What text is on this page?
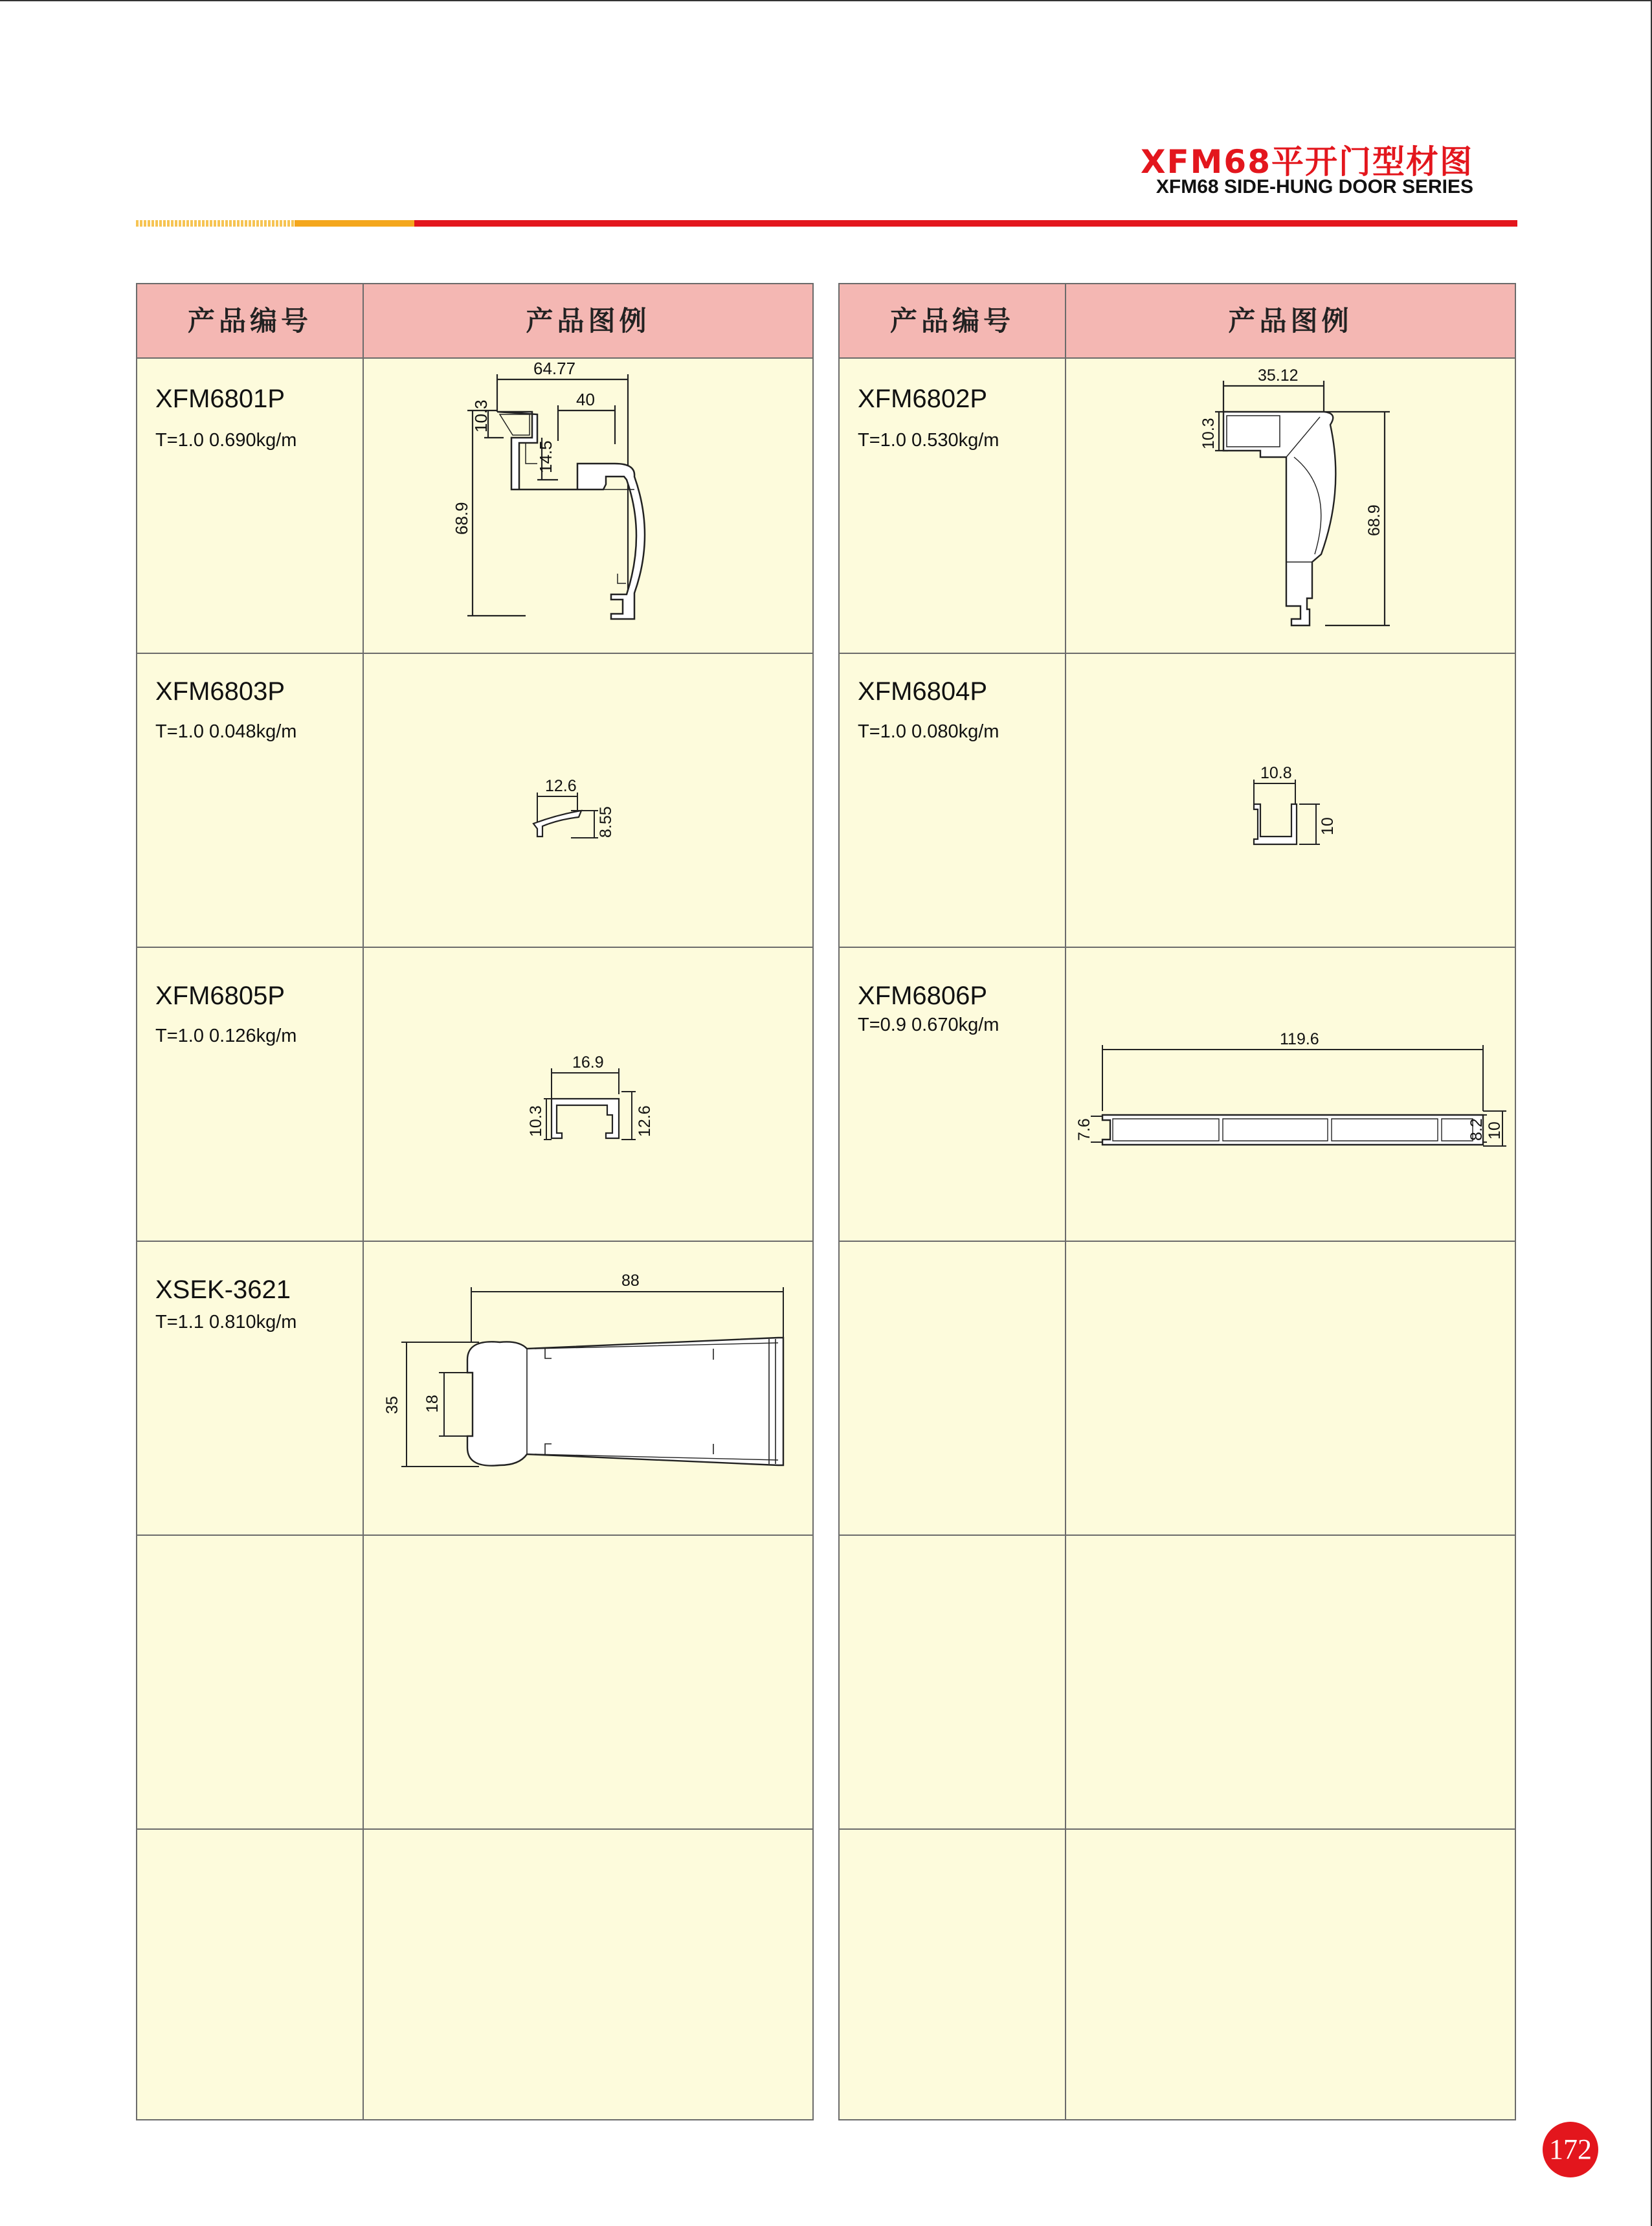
XFM68平开门型材图
XFM68 SIDE-HUNG DOOR SERIES
产品编号	产品图例
XFM6801P
T=1.0 0.690kg/m
64.77
40
10.3
14.5
68.9
XFM6803P
T=1.0 0.048kg/m
12.6
8.55
XFM6805P
T=1.0 0.126kg/m
16.9
10.3	12.6
XSEK-3621
T=1.1 0.810kg/m
88
35 18
产品编号	产品图例
XFM6802P
T=1.0 0.530kg/m
35.12
10.3
68.9
XFM6804P
T=1.0 0.080kg/m
10.8
10
XFM6806P
T=0.9 0.670kg/m
119.6
7.6	8.2 10
172
